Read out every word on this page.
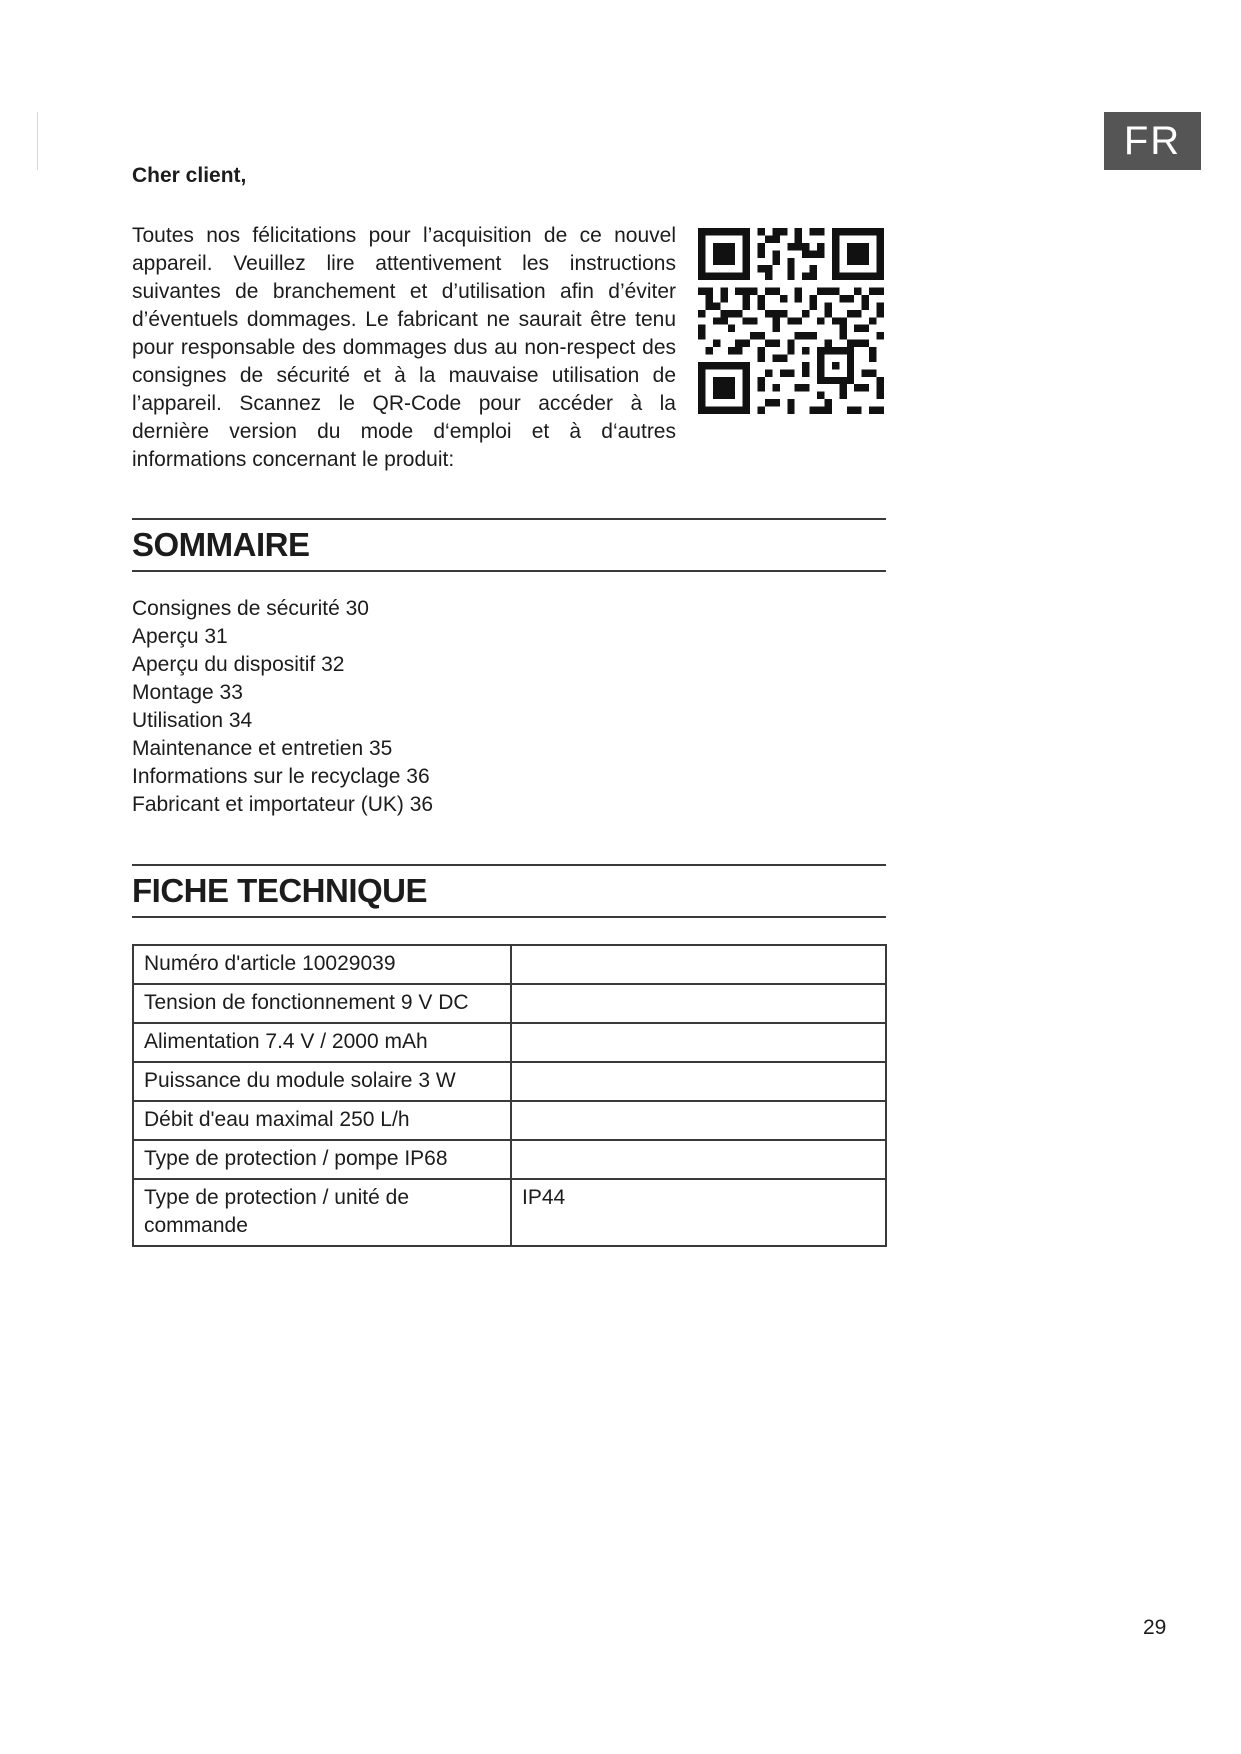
FR
Cher client,

Toutes nos félicitations pour l’acquisition de ce nouvel appareil. Veuillez lire attentivement les instructions suivantes de branchement et d’utilisation afin d’éviter d’éventuels dommages. Le fabricant ne saurait être tenu pour responsable des dommages dus au non-respect des consignes de sécurité et à la mauvaise utilisation de l’appareil. Scannez le QR-Code pour accéder à la dernière version du mode d‘emploi et à d‘autres informations concernant le produit:

SOMMAIRE
Consignes de sécurité 30
Aperçu 31
Aperçu du dispositif 32
Montage 33
Utilisation 34
Maintenance et entretien 35
Informations sur le recyclage 36
Fabricant et importateur (UK) 36
FICHE TECHNIQUE
Numéro d'article 10029039	
Tension de fonctionnement 9 V DC	
Alimentation 7.4 V / 2000 mAh	
Puissance du module solaire 3 W	
Débit d'eau maximal 250 L/h	
Type de protection / pompe IP68	
Type de protection / unité de commande	IP44
29
